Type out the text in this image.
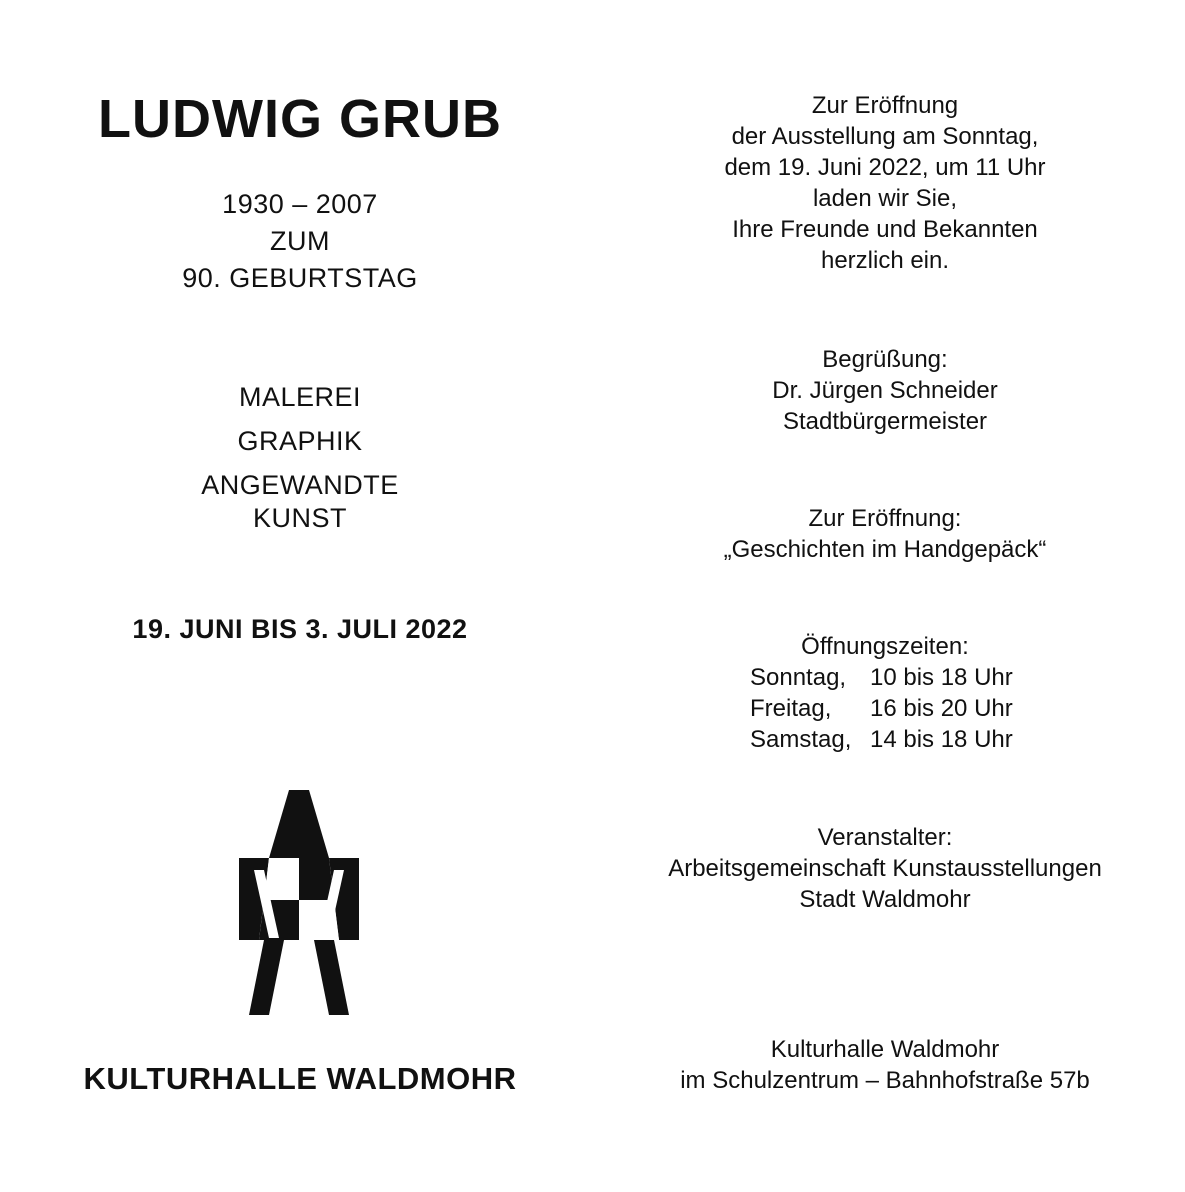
LUDWIG GRUB
1930 – 2007
ZUM
90. GEBURTSTAG
MALEREI
GRAPHIK
ANGEWANDTE
KUNST
19. JUNI BIS 3. JULI 2022
KULTURHALLE WALDMOHR
Zur Eröffnung
der Ausstellung am Sonntag,
dem 19. Juni 2022, um 11 Uhr
laden wir Sie,
Ihre Freunde und Bekannten
herzlich ein.
Begrüßung:
Dr. Jürgen Schneider
Stadtbürgermeister
Zur Eröffnung:
„Geschichten im Handgepäck“
Öffnungszeiten:
Sonntag, 10 bis 18 Uhr
Freitag,	16 bis 20 Uhr
Samstag, 14 bis 18 Uhr
Veranstalter:
Arbeitsgemeinschaft Kunstausstellungen
Stadt Waldmohr
Kulturhalle Waldmohr
im Schulzentrum – Bahnhofstraße 57b
